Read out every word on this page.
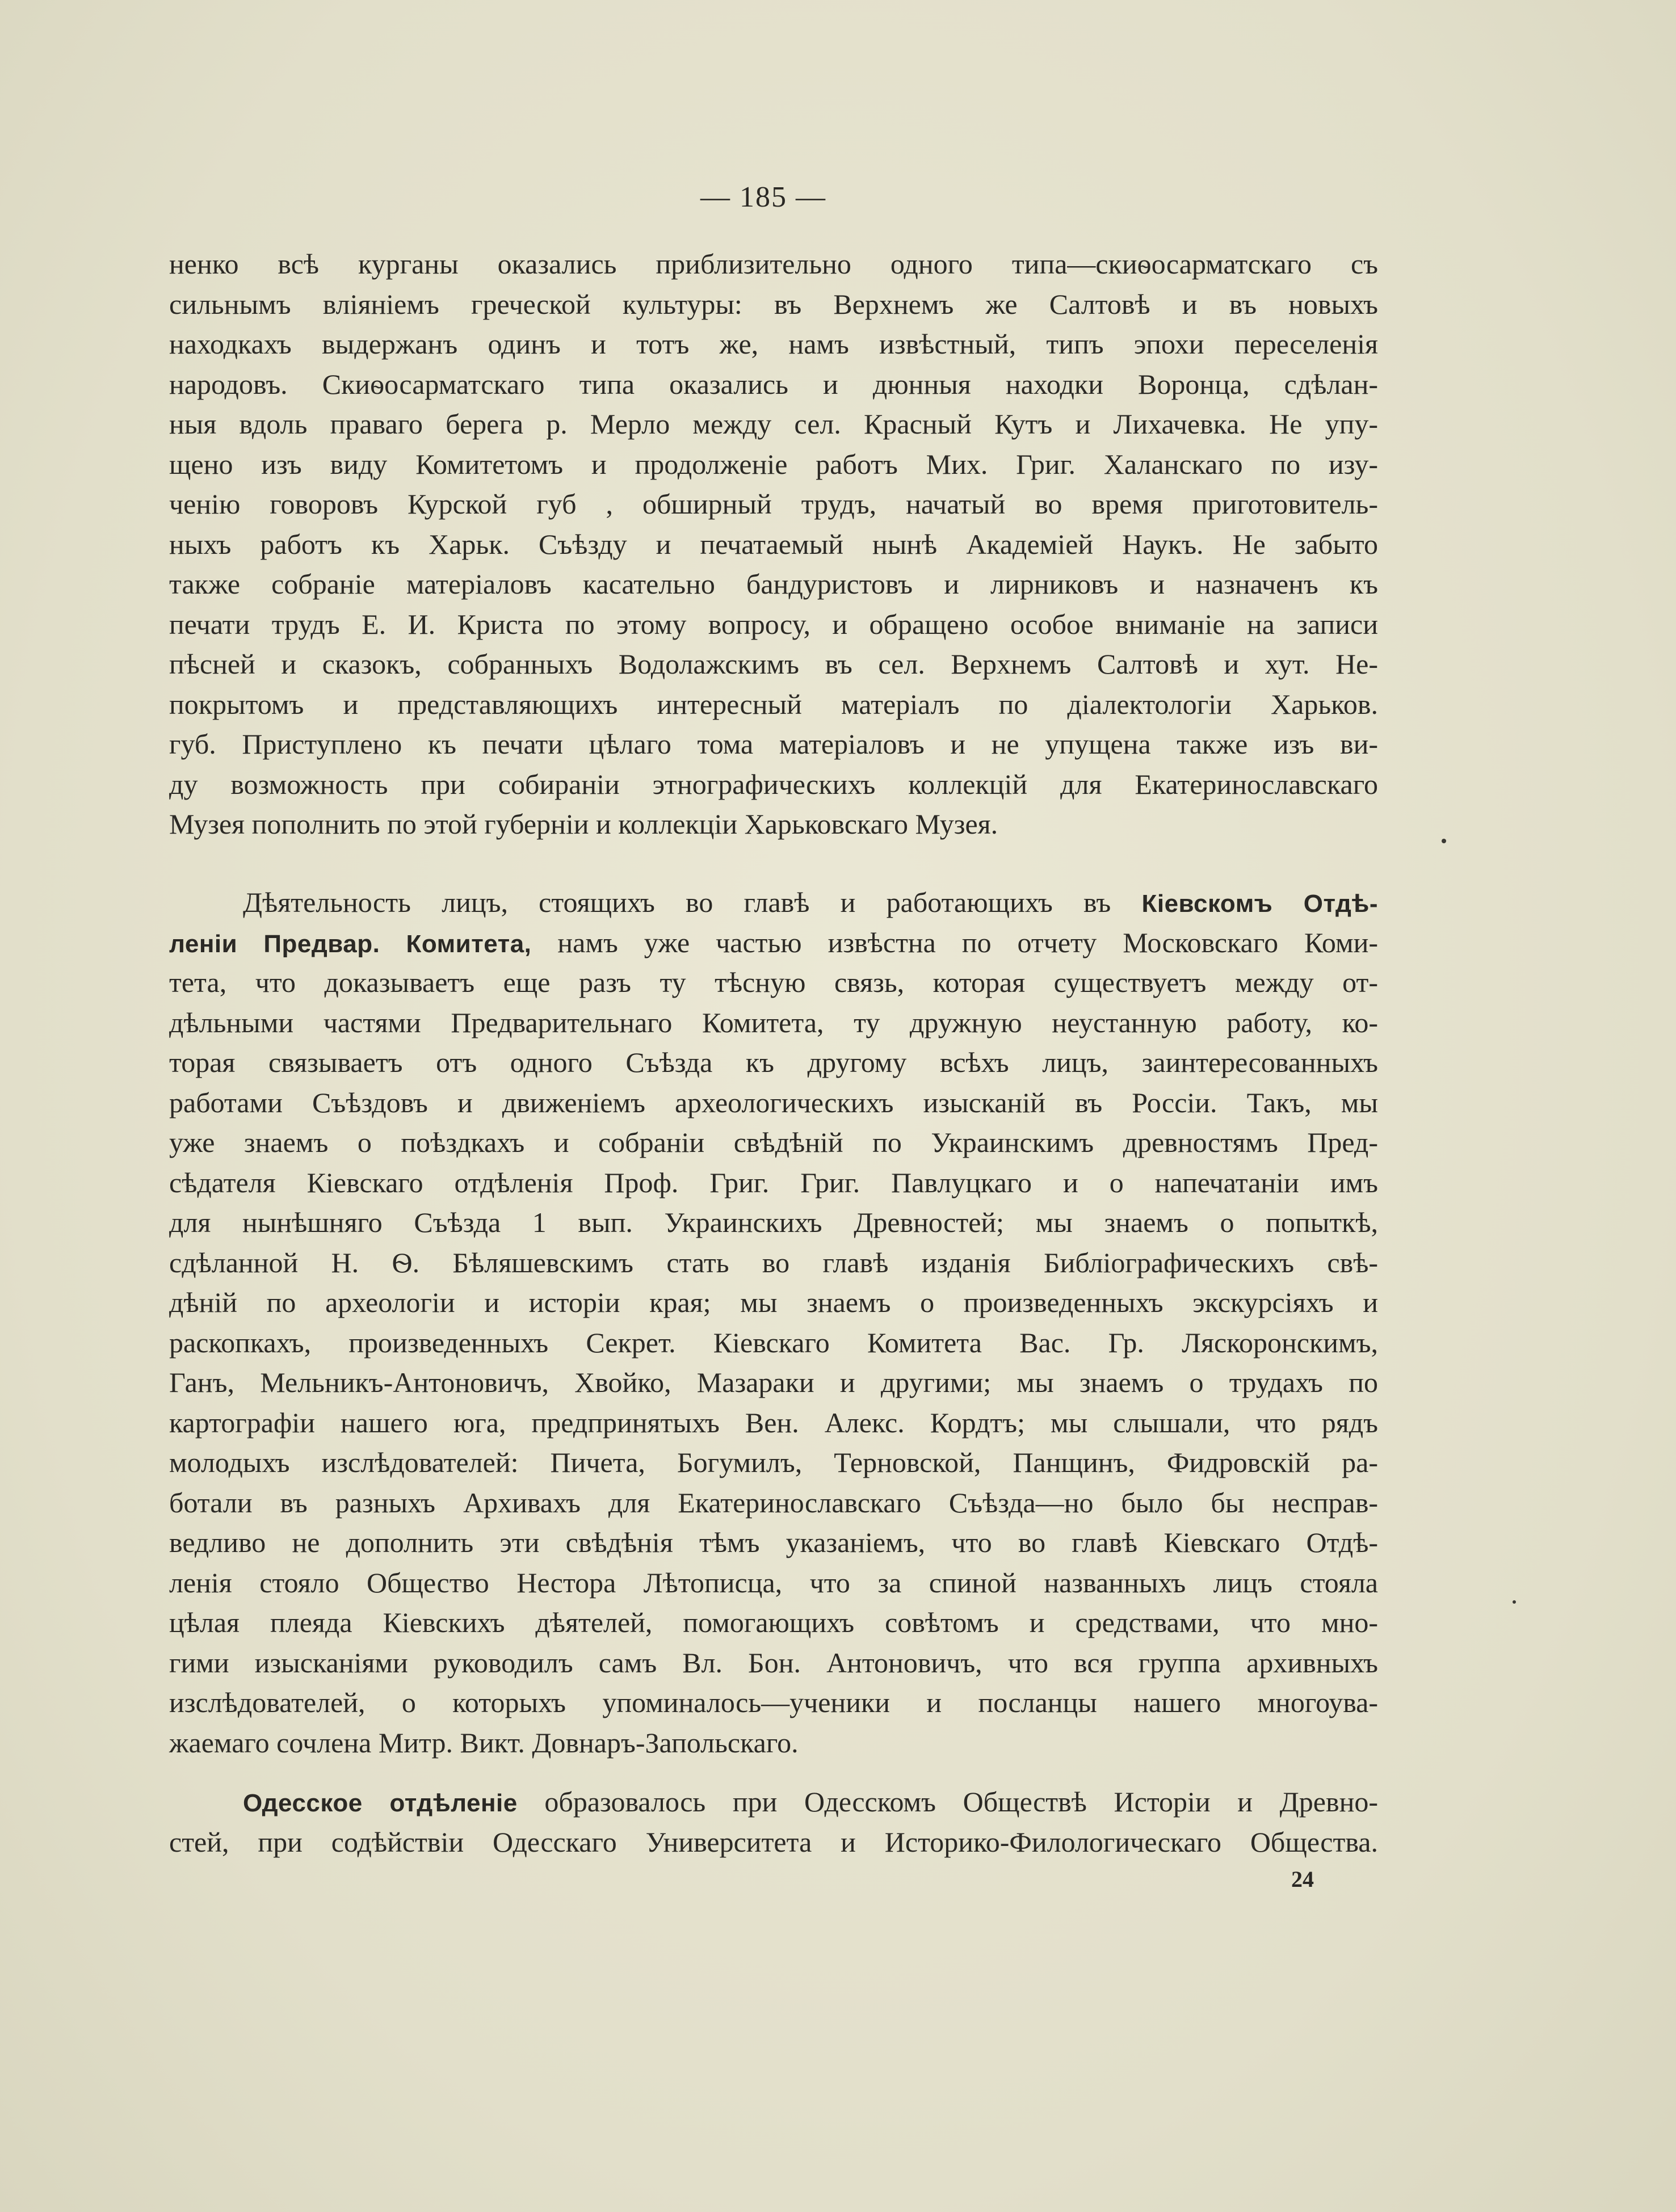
— 185 —
ненко всѣ курганы оказались приблизительно одного типа—скиѳосарматскаго съ
сильнымъ вліяніемъ греческой культуры: въ Верхнемъ же Салтовѣ и въ новыхъ
находкахъ выдержанъ одинъ и тотъ же, намъ извѣстный, типъ эпохи переселенія
народовъ. Скиѳосарматскаго типа оказались и дюнныя находки Воронца, сдѣлан-
ныя вдоль праваго берега р. Мерло между сел. Красный Кутъ и Лихачевка. Не упу-
щено изъ виду Комитетомъ и продолженіе работъ Мих. Григ. Халанскаго по изу-
ченію говоровъ Курской губ , обширный трудъ, начатый во время приготовитель-
ныхъ работъ къ Харьк. Съѣзду и печатаемый нынѣ Академіей Наукъ. Не забыто
также собраніе матеріаловъ касательно бандуристовъ и лирниковъ и назначенъ къ
печати трудъ Е. И. Криста по этому вопросу, и обращено особое вниманіе на записи
пѣсней и сказокъ, собранныхъ Водолажскимъ въ сел. Верхнемъ Салтовѣ и хут. Не-
покрытомъ и представляющихъ интересный матеріалъ по діалектологіи Харьков.
губ. Приступлено къ печати цѣлаго тома матеріаловъ и не упущена также изъ ви-
ду возможность при собираніи этнографическихъ коллекцій для Екатеринославскаго
Музея пополнить по этой губерніи и коллекціи Харьковскаго Музея.
Дѣятельность лицъ, стоящихъ во главѣ и работающихъ въ Кіевскомъ Отдѣ-
леніи Предвар. Комитета, намъ уже частью извѣстна по отчету Московскаго Коми-
тета, что доказываетъ еще разъ ту тѣсную связь, которая существуетъ между от-
дѣльными частями Предварительнаго Комитета, ту дружную неустанную работу, ко-
торая связываетъ отъ одного Съѣзда къ другому всѣхъ лицъ, заинтересованныхъ
работами Съѣздовъ и движеніемъ археологическихъ изысканій въ Россіи. Такъ, мы
уже знаемъ о поѣздкахъ и собраніи свѣдѣній по Украинскимъ древностямъ Пред-
сѣдателя Кіевскаго отдѣленія Проф. Григ. Григ. Павлуцкаго и о напечатаніи имъ
для нынѣшняго Съѣзда 1 вып. Украинскихъ Древностей; мы знаемъ о попыткѣ,
сдѣланной Н. Ѳ. Бѣляшевскимъ стать во главѣ изданія Библіографическихъ свѣ-
дѣній по археологіи и исторіи края; мы знаемъ о произведенныхъ экскурсіяхъ и
раскопкахъ, произведенныхъ Секрет. Кіевскаго Комитета Вас. Гр. Ляскоронскимъ,
Ганъ, Мельникъ-Антоновичъ, Хвойко, Мазараки и другими; мы знаемъ о трудахъ по
картографіи нашего юга, предпринятыхъ Вен. Алекс. Кордтъ; мы слышали, что рядъ
молодыхъ изслѣдователей: Пичета, Богумилъ, Терновской, Панщинъ, Фидровскій ра-
ботали въ разныхъ Архивахъ для Екатеринославскаго Съѣзда—но было бы несправ-
ведливо не дополнить эти свѣдѣнія тѣмъ указаніемъ, что во главѣ Кіевскаго Отдѣ-
ленія стояло Общество Нестора Лѣтописца, что за спиной названныхъ лицъ стояла
цѣлая плеяда Кіевскихъ дѣятелей, помогающихъ совѣтомъ и средствами, что мно-
гими изысканіями руководилъ самъ Вл. Бон. Антоновичъ, что вся группа архивныхъ
изслѣдователей, о которыхъ упоминалось—ученики и посланцы нашего многоува-
жаемаго сочлена Митр. Викт. Довнаръ-Запольскаго.
Одесское отдѣленіе образовалось при Одесскомъ Обществѣ Исторіи и Древно-
стей, при содѣйствіи Одесскаго Университета и Историко-Филологическаго Общества.
24
